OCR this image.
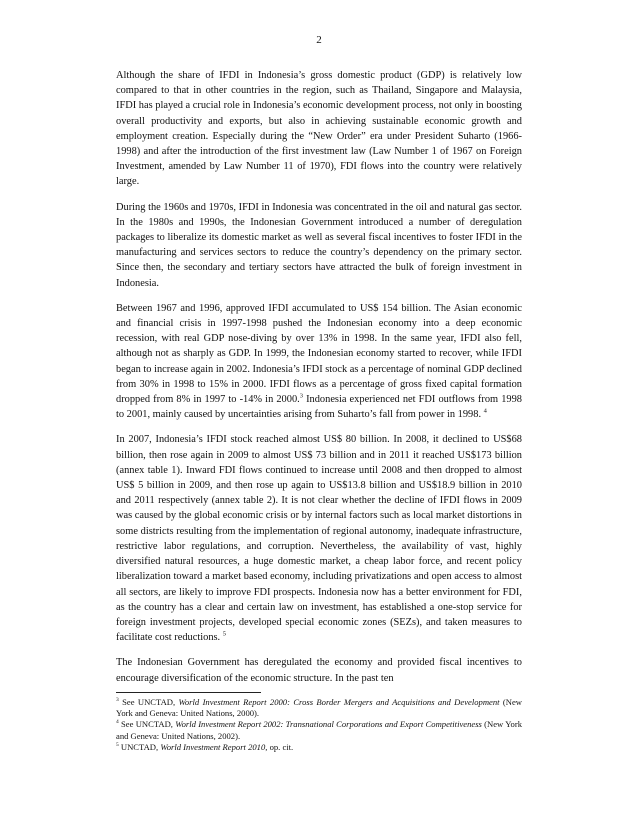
2

Although the share of IFDI in Indonesia’s gross domestic product (GDP) is relatively low compared to that in other countries in the region, such as Thailand, Singapore and Malaysia, IFDI has played a crucial role in Indonesia’s economic development process, not only in boosting overall productivity and exports, but also in achieving sustainable economic growth and employment creation. Especially during the “New Order” era under President Suharto (1966-1998) and after the introduction of the first investment law (Law Number 1 of 1967 on Foreign Investment, amended by Law Number 11 of 1970), FDI flows into the country were relatively large.

During the 1960s and 1970s, IFDI in Indonesia was concentrated in the oil and natural gas sector. In the 1980s and 1990s, the Indonesian Government introduced a number of deregulation packages to liberalize its domestic market as well as several fiscal incentives to foster IFDI in the manufacturing and services sectors to reduce the country’s dependency on the primary sector. Since then, the secondary and tertiary sectors have attracted the bulk of foreign investment in Indonesia.

Between 1967 and 1996, approved IFDI accumulated to US$ 154 billion. The Asian economic and financial crisis in 1997-1998 pushed the Indonesian economy into a deep economic recession, with real GDP nose-diving by over 13% in 1998. In the same year, IFDI also fell, although not as sharply as GDP. In 1999, the Indonesian economy started to recover, while IFDI began to increase again in 2002. Indonesia’s IFDI stock as a percentage of nominal GDP declined from 30% in 1998 to 15% in 2000. IFDI flows as a percentage of gross fixed capital formation dropped from 8% in 1997 to -14% in 2000.$^3$ Indonesia experienced net FDI outflows from 1998 to 2001, mainly caused by uncertainties arising from Suharto’s fall from power in 1998. $^4$

In 2007, Indonesia’s IFDI stock reached almost US$ 80 billion. In 2008, it declined to US$68 billion, then rose again in 2009 to almost US$ 73 billion and in 2011 it reached US$173 billion (annex table 1). Inward FDI flows continued to increase until 2008 and then dropped to almost US$ 5 billion in 2009, and then rose up again to US$13.8 billion and US$18.9 billion in 2010 and 2011 respectively (annex table 2). It is not clear whether the decline of IFDI flows in 2009 was caused by the global economic crisis or by internal factors such as local market distortions in some districts resulting from the implementation of regional autonomy, inadequate infrastructure, restrictive labor regulations, and corruption. Nevertheless, the availability of vast, highly diversified natural resources, a huge domestic market, a cheap labor force, and recent policy liberalization toward a market based economy, including privatizations and open access to almost all sectors, are likely to improve FDI prospects. Indonesia now has a better environment for FDI, as the country has a clear and certain law on investment, has established a one-stop service for foreign investment projects, developed special economic zones (SEZs), and taken measures to facilitate cost reductions. $^5$

The Indonesian Government has deregulated the economy and provided fiscal incentives to encourage diversification of the economic structure. In the past ten

$^3$ See UNCTAD, World Investment Report 2000: Cross Border Mergers and Acquisitions and Development (New York and Geneva: United Nations, 2000).

$^4$ See UNCTAD, World Investment Report 2002: Transnational Corporations and Export Competitiveness (New York and Geneva: United Nations, 2002).

$^5$ UNCTAD, World Investment Report 2010, op. cit.
